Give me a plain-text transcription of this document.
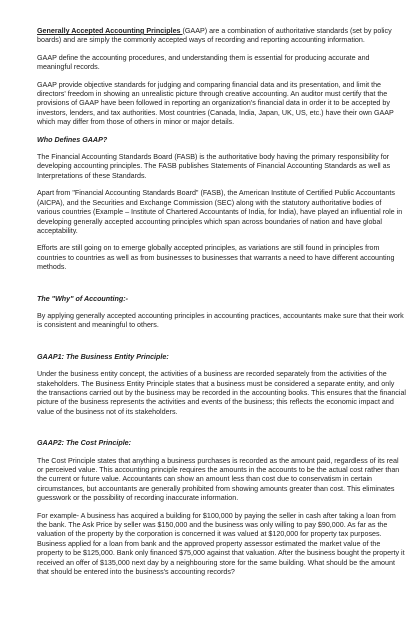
Generally Accepted Accounting Principles (GAAP) are a combination of authoritative standards (set by policy boards) and are simply the commonly accepted ways of recording and reporting accounting information.

GAAP define the accounting procedures, and understanding them is essential for producing accurate and meaningful records.

GAAP provide objective standards for judging and comparing financial data and its presentation, and limit the directors' freedom in showing an unrealistic picture through creative accounting. An auditor must certify that the provisions of GAAP have been followed in reporting an organization's financial data in order it to be accepted by investors, lenders, and tax authorities. Most countries (Canada, India, Japan, UK, US, etc.) have their own GAAP which may differ from those of others in minor or major details.

Who Defines GAAP?

The Financial Accounting Standards Board (FASB) is the authoritative body having the primary responsibility for developing accounting principles. The FASB publishes Statements of Financial Accounting Standards as well as Interpretations of these Standards.

Apart from "Financial Accounting Standards Board" (FASB), the American Institute of Certified Public Accountants (AICPA), and the Securities and Exchange Commission (SEC) along with the statutory authoritative bodies of various countries (Example – Institute of Chartered Accountants of India, for India), have played an influential role in developing generally accepted accounting principles which span across boundaries of nation and have global acceptability.

Efforts are still going on to emerge globally accepted principles, as variations are still found in principles from countries to countries as well as from businesses to businesses that warrants a need to have different accounting methods.

The "Why" of Accounting:-

By applying generally accepted accounting principles in accounting practices, accountants make sure that their work is consistent and meaningful to others.

GAAP1: The Business Entity Principle:

Under the business entity concept, the activities of a business are recorded separately from the activities of the stakeholders. The Business Entity Principle states that a business must be considered a separate entity, and only the transactions carried out by the business may be recorded in the accounting books. This ensures that the financial picture of the business represents the activities and events of the business; this reflects the economic impact and value of the business not of its stakeholders.

GAAP2: The Cost Principle:

The Cost Principle states that anything a business purchases is recorded as the amount paid, regardless of its real or perceived value. This accounting principle requires the amounts in the accounts to be the actual cost rather than the current or future value. Accountants can show an amount less than cost due to conservatism in certain circumstances, but accountants are generally prohibited from showing amounts greater than cost. This eliminates guesswork or the possibility of recording inaccurate information.

For example- A business has acquired a building for $100,000 by paying the seller in cash after taking a loan from the bank. The Ask Price by seller was $150,000 and the business was only willing to pay $90,000. As far as the valuation of the property by the corporation is concerned it was valued at $120,000 for property tax purposes. Business applied for a loan from bank and the approved property assessor estimated the market value of the property to be $125,000. Bank only financed $75,000 against that valuation. After the business bought the property it received an offer of $135,000 next day by a neighbouring store for the same building. What should be the amount that should be entered into the business's accounting records?
